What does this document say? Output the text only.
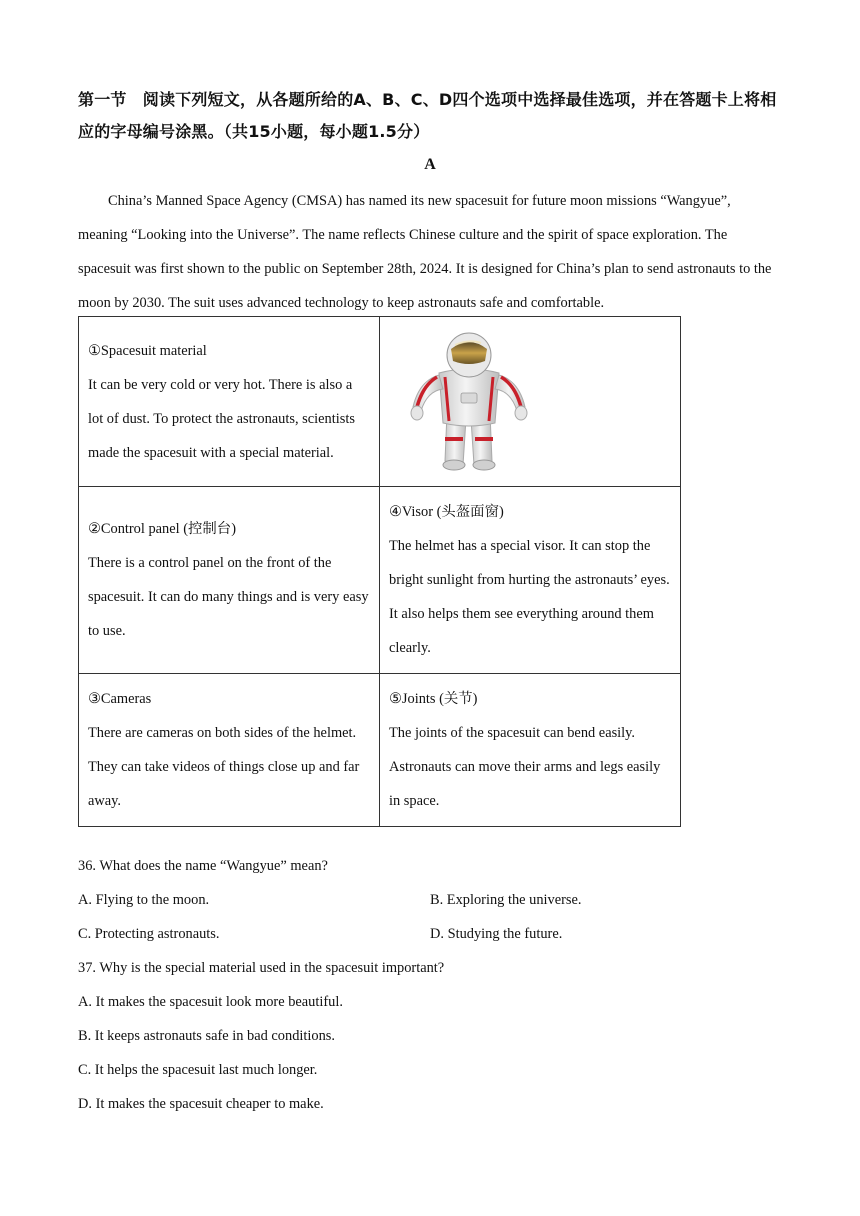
第一节　阅读下列短文，从各题所给的A、B、C、D四个选项中选择最佳选项，并在答题卡上将相应的字母编号涂黑。（共15小题，每小题1.5分）
A

China’s Manned Space Agency (CMSA) has named its new spacesuit for future moon missions “Wangyue”, meaning “Looking into the Universe”. The name reflects Chinese culture and the spirit of space exploration. The spacesuit was first shown to the public on September 28th, 2024. It is designed for China’s plan to send astronauts to the moon by 2030. The suit uses advanced technology to keep astronauts safe and comfortable.

①Spacesuit material
It can be very cold or very hot. There is also a lot of dust. To protect the astronauts, scientists made the spacesuit with a special material.

②Control panel (控制台)
There is a control panel on the front of the spacesuit. It can do many things and is very easy to use.	④Visor (头盔面窗)
The helmet has a special visor. It can stop the bright sunlight from hurting the astronauts’ eyes. It also helps them see everything around them clearly.

③Cameras
There are cameras on both sides of the helmet. They can take videos of things close up and far away.	⑤Joints (关节)
The joints of the spacesuit can bend easily. Astronauts can move their arms and legs easily in space.

36. What does the name “Wangyue” mean?

A. Flying to the moon.	B. Exploring the universe.

C. Protecting astronauts.	D. Studying the future.

37. Why is the special material used in the spacesuit important?

A. It makes the spacesuit look more beautiful.

B. It keeps astronauts safe in bad conditions.

C. It helps the spacesuit last much longer.

D. It makes the spacesuit cheaper to make.
